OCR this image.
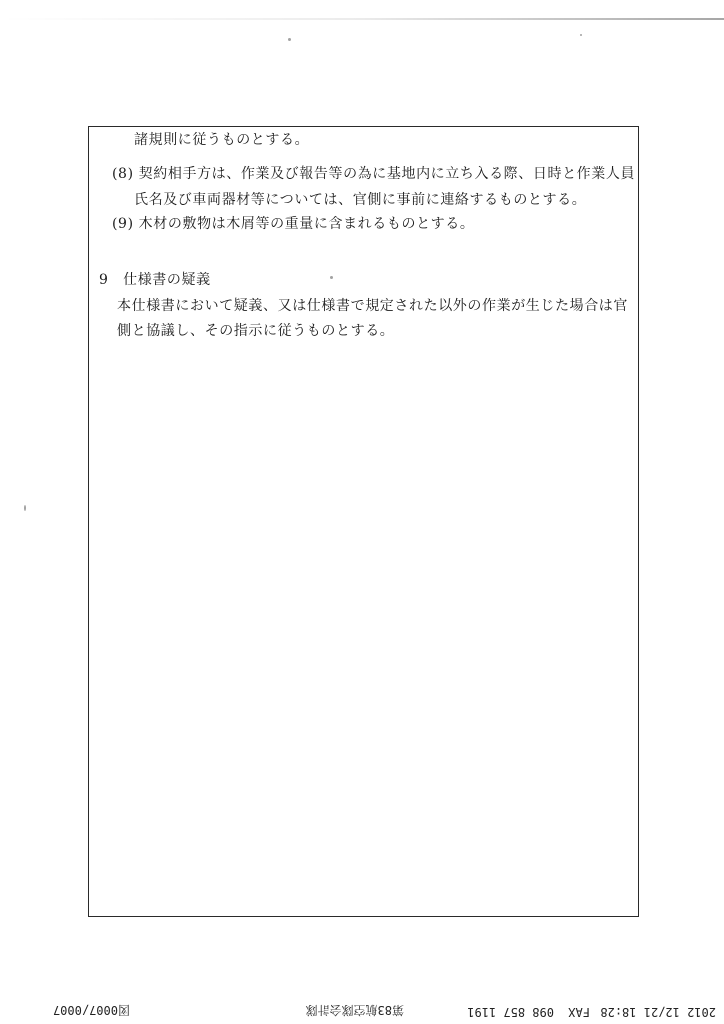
諸規則に従うものとする。
(8) 契約相手方は、作業及び報告等の為に基地内に立ち入る際、日時と作業人員
氏名及び車両器材等については、官側に事前に連絡するものとする。
(9) 木材の敷物は木屑等の重量に含まれるものとする。
9　仕様書の疑義
本仕様書において疑義、又は仕様書で規定された以外の作業が生じた場合は官
側と協議し、その指示に従うものとする。
2012 12/21 18:28
FAX
098 857 1191
第83航空隊会計隊
図0007/0007
